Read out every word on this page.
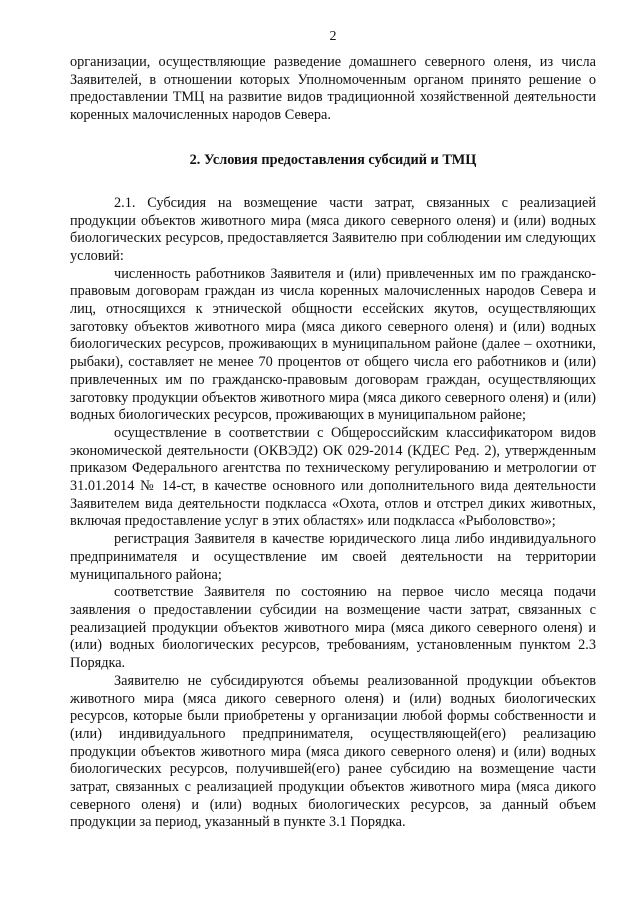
2

организации, осуществляющие разведение домашнего северного оленя, из числа Заявителей, в отношении которых Уполномоченным органом принято решение о предоставлении ТМЦ на развитие видов традиционной хозяйственной деятельности коренных малочисленных народов Севера.

2. Условия предоставления субсидий и ТМЦ

2.1. Субсидия на возмещение части затрат, связанных с реализацией продукции объектов животного мира (мяса дикого северного оленя) и (или) водных биологических ресурсов, предоставляется Заявителю при соблюдении им следующих условий:

численность работников Заявителя и (или) привлеченных им по гражданско-правовым договорам граждан из числа коренных малочисленных народов Севера и лиц, относящихся к этнической общности ессейских якутов, осуществляющих заготовку объектов животного мира (мяса дикого северного оленя) и (или) водных биологических ресурсов, проживающих в муниципальном районе (далее – охотники, рыбаки), составляет не менее 70 процентов от общего числа его работников и (или) привлеченных им по гражданско-правовым договорам граждан, осуществляющих заготовку продукции объектов животного мира (мяса дикого северного оленя) и (или) водных биологических ресурсов, проживающих в муниципальном районе;

осуществление в соответствии с Общероссийским классификатором видов экономической деятельности (ОКВЭД2) ОК 029-2014 (КДЕС Ред. 2), утвержденным приказом Федерального агентства по техническому регулированию и метрологии от 31.01.2014 № 14-ст, в качестве основного или дополнительного вида деятельности Заявителем вида деятельности подкласса «Охота, отлов и отстрел диких животных, включая предоставление услуг в этих областях» или подкласса «Рыболовство»;

регистрация Заявителя в качестве юридического лица либо индивидуального предпринимателя и осуществление им своей деятельности на территории муниципального района;

соответствие Заявителя по состоянию на первое число месяца подачи заявления о предоставлении субсидии на возмещение части затрат, связанных с реализацией продукции объектов животного мира (мяса дикого северного оленя) и (или) водных биологических ресурсов, требованиям, установленным пунктом 2.3 Порядка.

Заявителю не субсидируются объемы реализованной продукции объектов животного мира (мяса дикого северного оленя) и (или) водных биологических ресурсов, которые были приобретены у организации любой формы собственности и (или) индивидуального предпринимателя, осуществляющей(его) реализацию продукции объектов животного мира (мяса дикого северного оленя) и (или) водных биологических ресурсов, получившей(его) ранее субсидию на возмещение части затрат, связанных с реализацией продукции объектов животного мира (мяса дикого северного оленя) и (или) водных биологических ресурсов, за данный объем продукции за период, указанный в пункте 3.1 Порядка.
